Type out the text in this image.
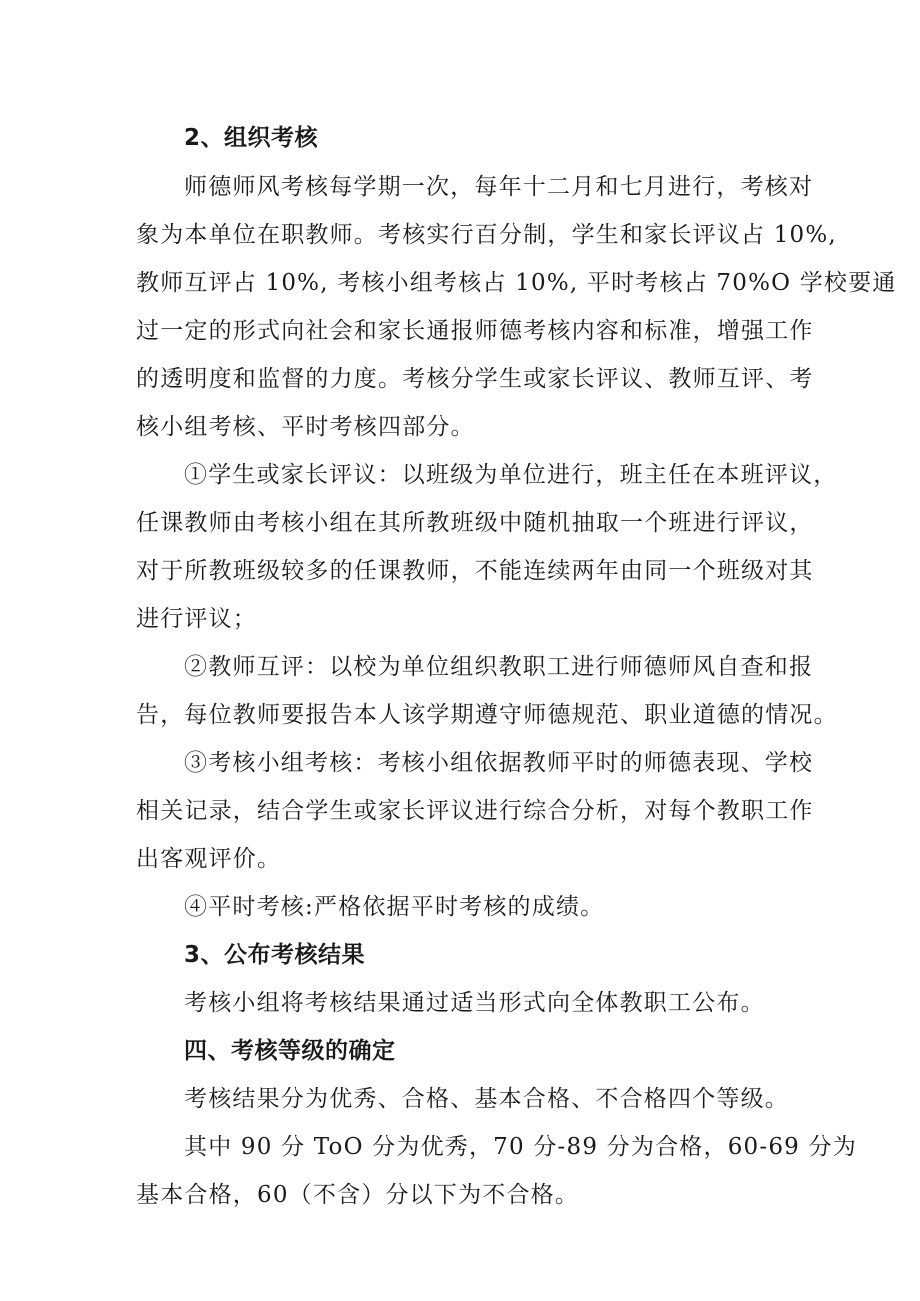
2、组织考核
师德师风考核每学期一次，每年十二月和七月进行，考核对
象为本单位在职教师。考核实行百分制，学生和家长评议占 10%,
教师互评占 10%, 考核小组考核占 10%, 平时考核占 70%O 学校要通
过一定的形式向社会和家长通报师德考核内容和标准，增强工作
的透明度和监督的力度。考核分学生或家长评议、教师互评、考
核小组考核、平时考核四部分。
①学生或家长评议：以班级为单位进行，班主任在本班评议，
任课教师由考核小组在其所教班级中随机抽取一个班进行评议，
对于所教班级较多的任课教师，不能连续两年由同一个班级对其
进行评议；
②教师互评：以校为单位组织教职工进行师德师风自查和报
告，每位教师要报告本人该学期遵守师德规范、职业道德的情况。
③考核小组考核：考核小组依据教师平时的师德表现、学校
相关记录，结合学生或家长评议进行综合分析，对每个教职工作
出客观评价。
④平时考核:严格依据平时考核的成绩。
3、公布考核结果
考核小组将考核结果通过适当形式向全体教职工公布。
四、考核等级的确定
考核结果分为优秀、合格、基本合格、不合格四个等级。
其中 90 分 ToO 分为优秀，70 分-89 分为合格，60-69 分为
基本合格，60（不含）分以下为不合格。
